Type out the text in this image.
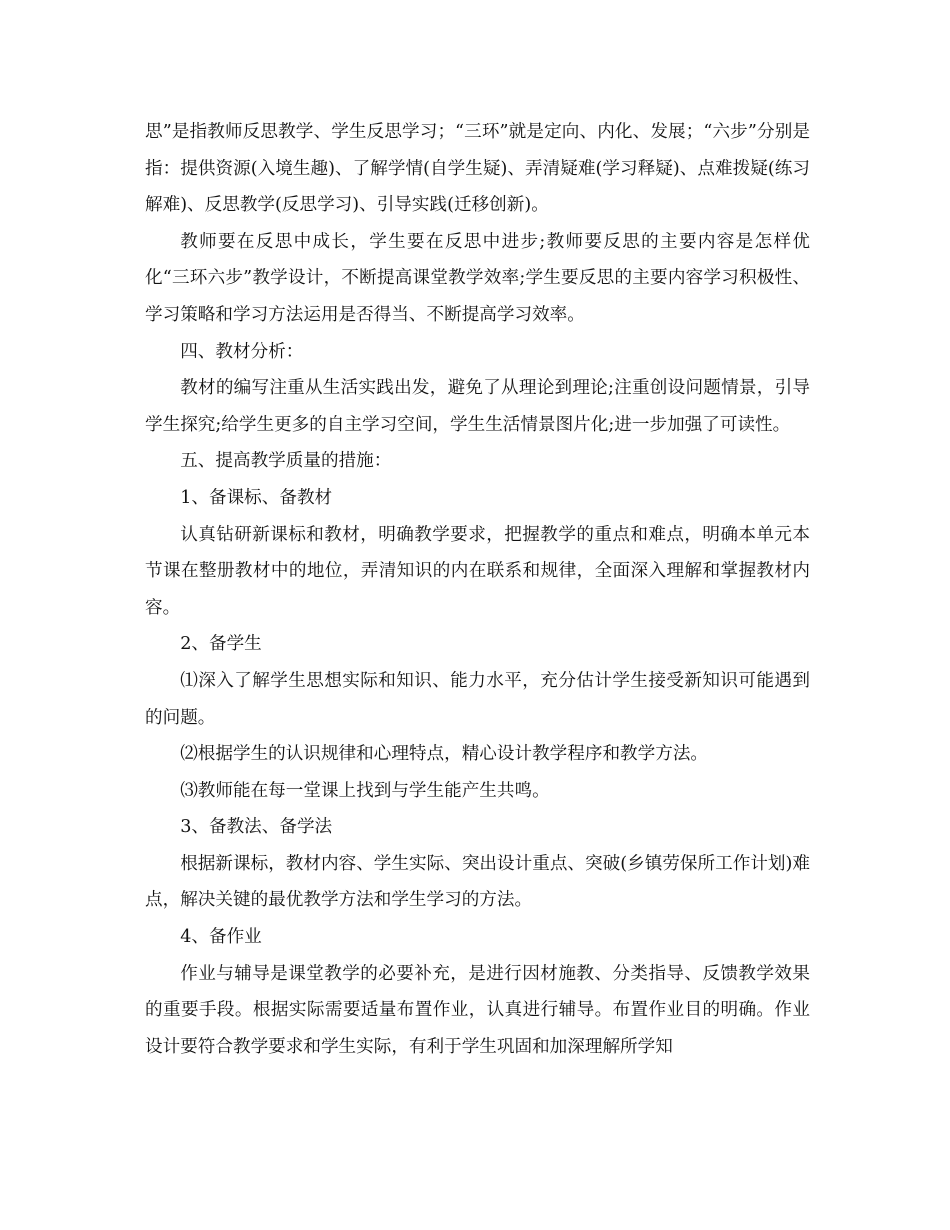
思”是指教师反思教学、学生反思学习；“三环”就是定向、内化、发展；“六步”分别是指：提供资源(入境生趣)、了解学情(自学生疑)、弄清疑难(学习释疑)、点难拨疑(练习解难)、反思教学(反思学习)、引导实践(迁移创新)。

教师要在反思中成长，学生要在反思中进步;教师要反思的主要内容是怎样优化“三环六步”教学设计，不断提高课堂教学效率;学生要反思的主要内容学习积极性、学习策略和学习方法运用是否得当、不断提高学习效率。

四、教材分析：

教材的编写注重从生活实践出发，避免了从理论到理论;注重创设问题情景，引导学生探究;给学生更多的自主学习空间，学生生活情景图片化;进一步加强了可读性。

五、提高教学质量的措施：

1、备课标、备教材

认真钻研新课标和教材，明确教学要求，把握教学的重点和难点，明确本单元本节课在整册教材中的地位，弄清知识的内在联系和规律，全面深入理解和掌握教材内容。

2、备学生

⑴深入了解学生思想实际和知识、能力水平，充分估计学生接受新知识可能遇到的问题。

⑵根据学生的认识规律和心理特点，精心设计教学程序和教学方法。

⑶教师能在每一堂课上找到与学生能产生共鸣。

3、备教法、备学法

根据新课标，教材内容、学生实际、突出设计重点、突破(乡镇劳保所工作计划)难点，解决关键的最优教学方法和学生学习的方法。

4、备作业

作业与辅导是课堂教学的必要补充，是进行因材施教、分类指导、反馈教学效果的重要手段。根据实际需要适量布置作业，认真进行辅导。布置作业目的明确。作业设计要符合教学要求和学生实际，有利于学生巩固和加深理解所学知
